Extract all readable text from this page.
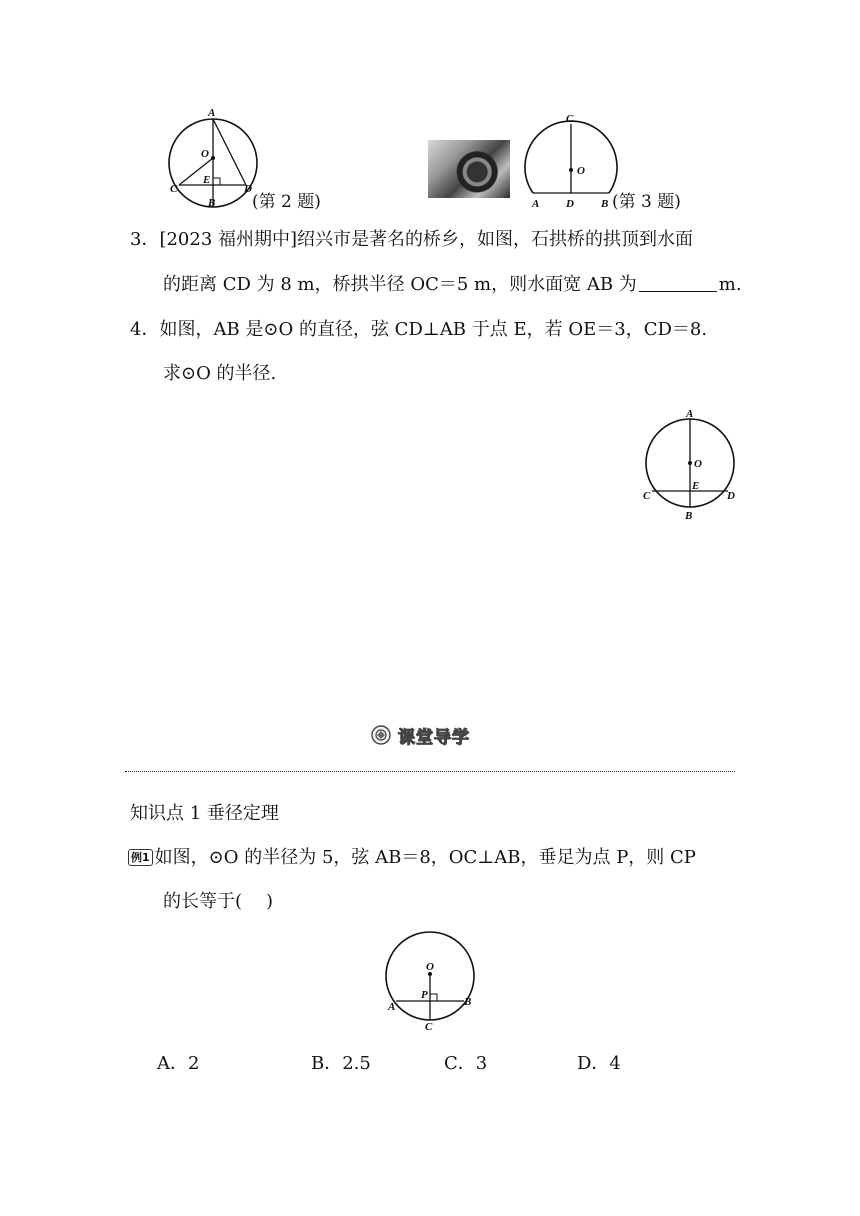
A
O
E
C
B
D
(第 2 题)
C
O
A D B (第 3 题)
3．[2023 福州期中]绍兴市是著名的桥乡，如图，石拱桥的拱顶到水面
的距离 CD 为 8 m，桥拱半径 OC＝5 m，则水面宽 AB 为	m.
4．如图，AB 是⊙O 的直径，弦 CD⊥AB 于点 E，若 OE＝3，CD＝8.
求⊙O 的半径.
A
O
E
C	D
B
课堂导学
知识点 1 垂径定理
例1 如图，⊙O 的半径为 5，弦 AB＝8，OC⊥AB，垂足为点 P，则 CP
的长等于( )
O
P
A	B
C
A．2	B．2.5	C．3	D．4
